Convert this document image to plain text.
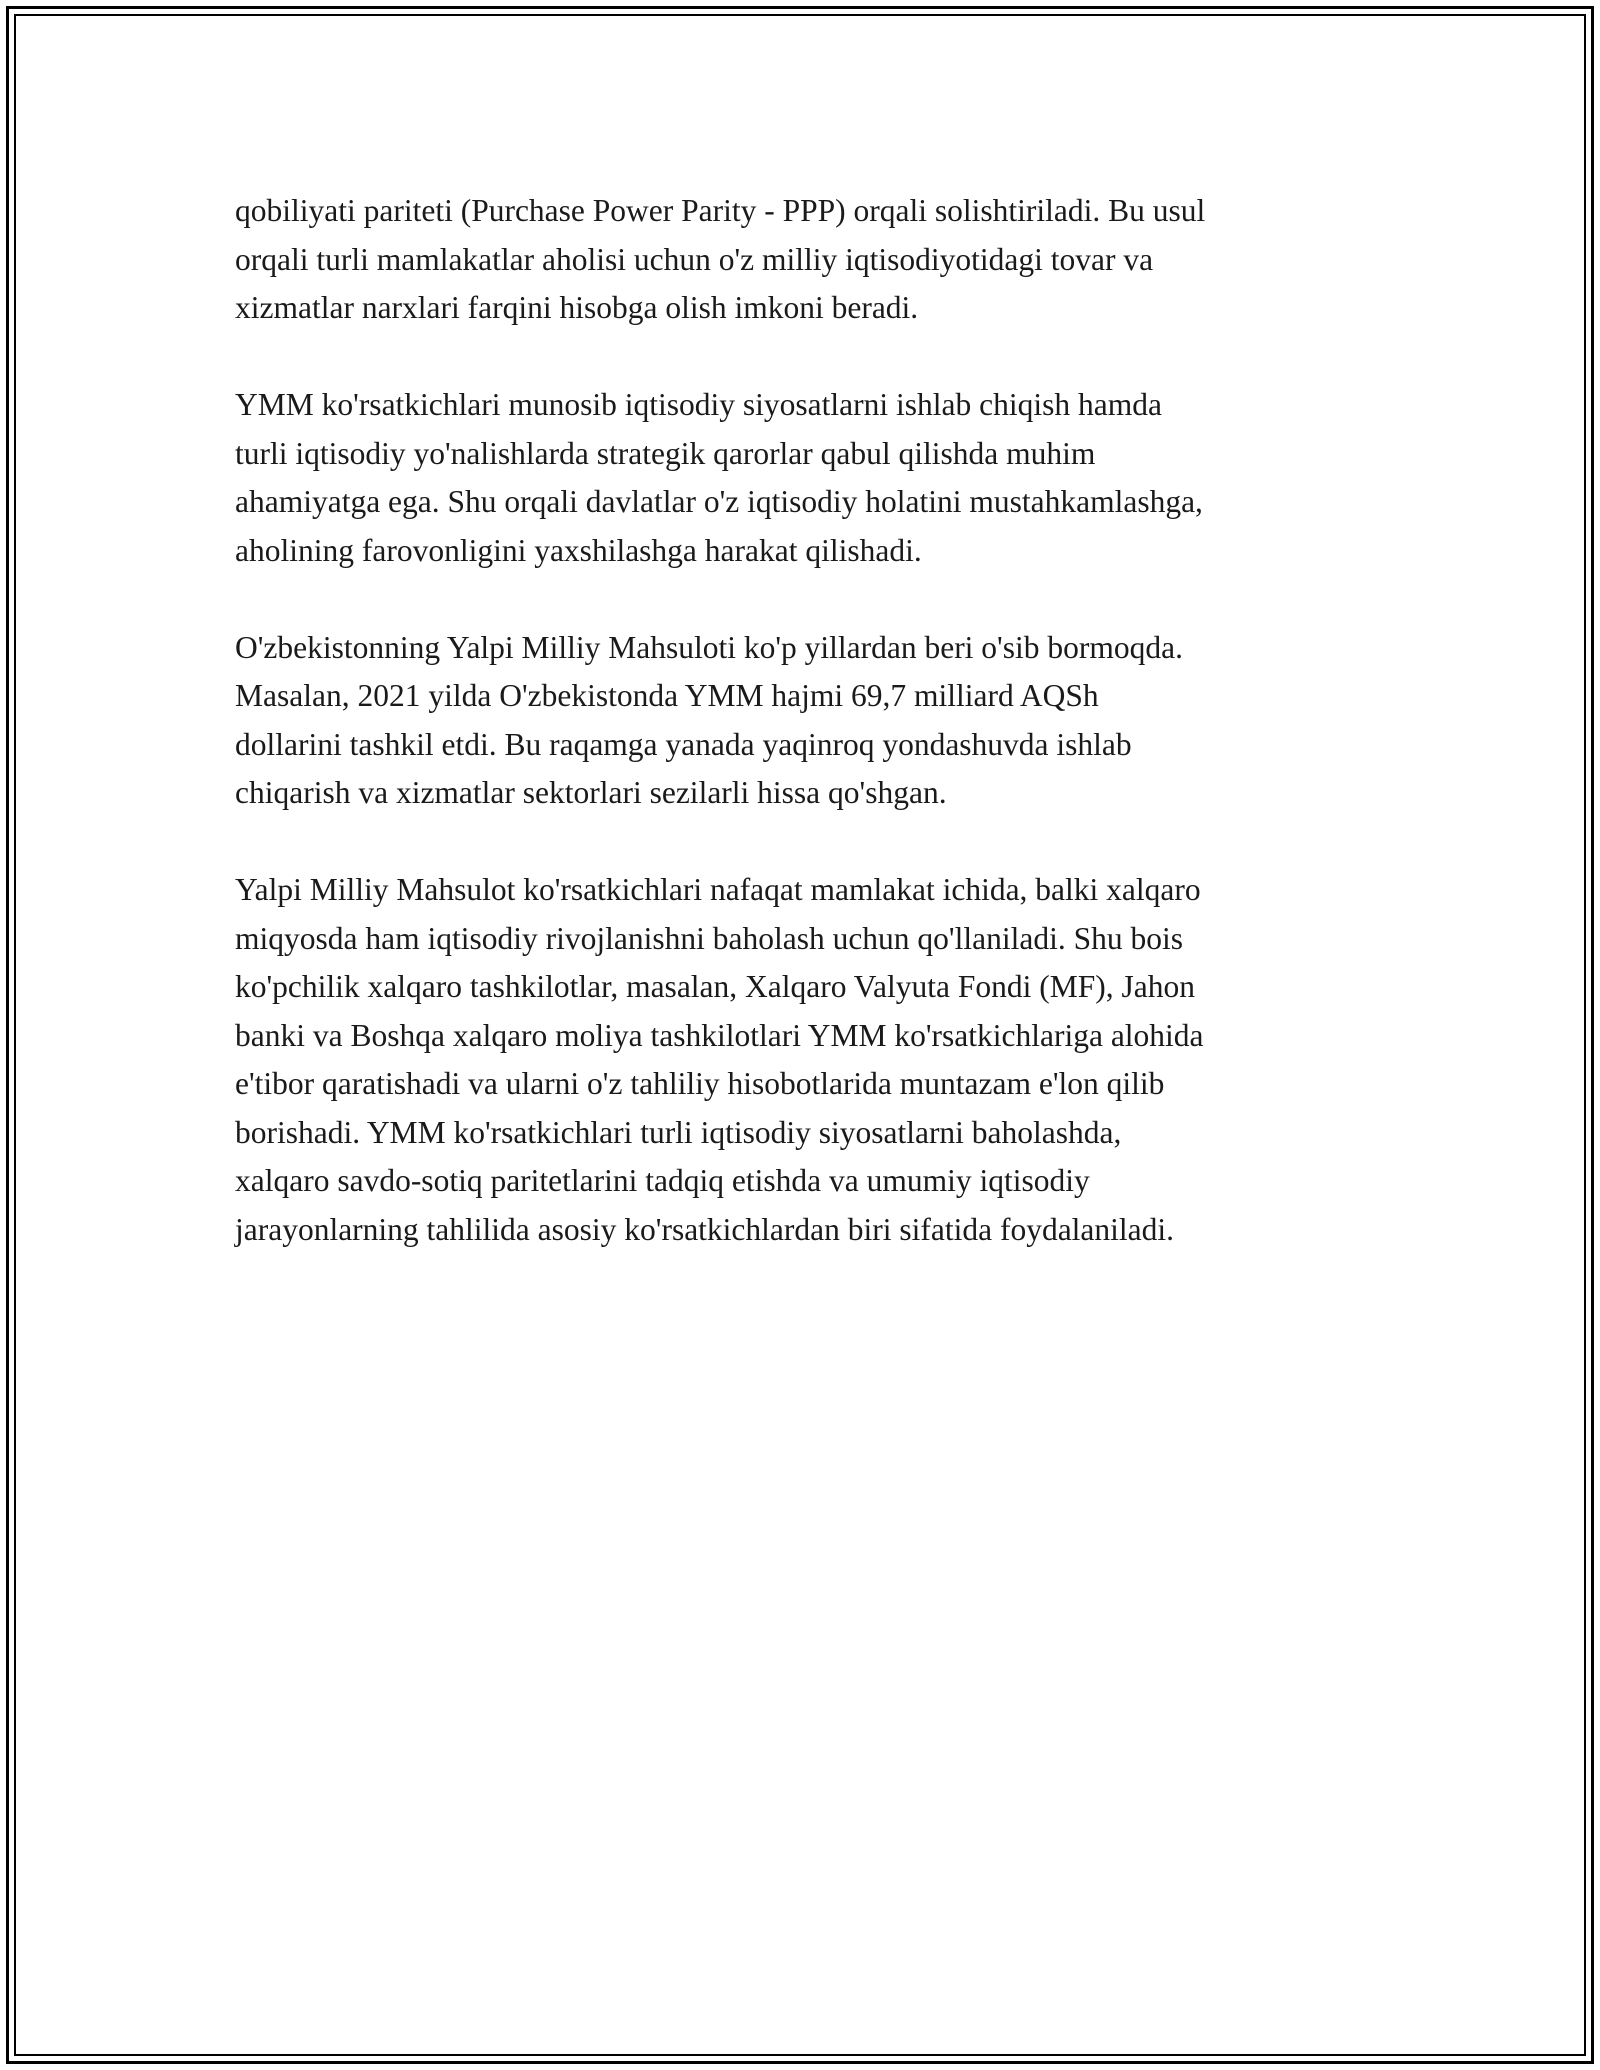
qobiliyati pariteti (Purchase Power Parity - PPP) orqali solishtiriladi. Bu usul
orqali turli mamlakatlar aholisi uchun o'z milliy iqtisodiyotidagi tovar va
xizmatlar narxlari farqini hisobga olish imkoni beradi.

YMM ko'rsatkichlari munosib iqtisodiy siyosatlarni ishlab chiqish hamda
turli iqtisodiy yo'nalishlarda strategik qarorlar qabul qilishda muhim
ahamiyatga ega. Shu orqali davlatlar o'z iqtisodiy holatini mustahkamlashga,
aholining farovonligini yaxshilashga harakat qilishadi.

O'zbekistonning Yalpi Milliy Mahsuloti ko'p yillardan beri o'sib bormoqda.
Masalan, 2021 yilda O'zbekistonda YMM hajmi 69,7 milliard AQSh
dollarini tashkil etdi. Bu raqamga yanada yaqinroq yondashuvda ishlab
chiqarish va xizmatlar sektorlari sezilarli hissa qo'shgan.

Yalpi Milliy Mahsulot ko'rsatkichlari nafaqat mamlakat ichida, balki xalqaro
miqyosda ham iqtisodiy rivojlanishni baholash uchun qo'llaniladi. Shu bois
ko'pchilik xalqaro tashkilotlar, masalan, Xalqaro Valyuta Fondi (MF), Jahon
banki va Boshqa xalqaro moliya tashkilotlari YMM ko'rsatkichlariga alohida
e'tibor qaratishadi va ularni o'z tahliliy hisobotlarida muntazam e'lon qilib
borishadi. YMM ko'rsatkichlari turli iqtisodiy siyosatlarni baholashda,
xalqaro savdo-sotiq paritetlarini tadqiq etishda va umumiy iqtisodiy
jarayonlarning tahlilida asosiy ko'rsatkichlardan biri sifatida foydalaniladi.
